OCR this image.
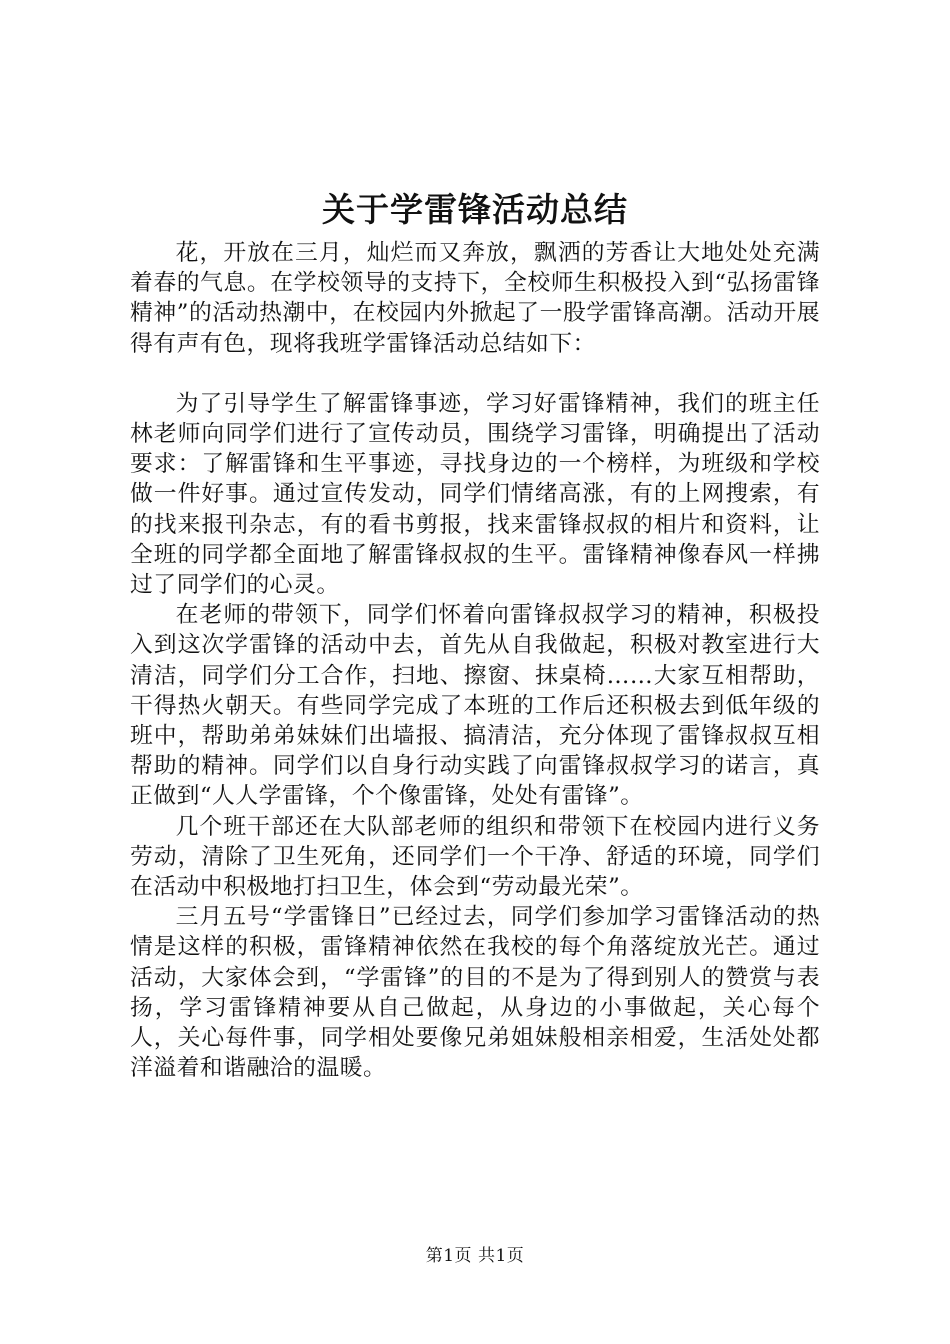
关于学雷锋活动总结

花，开放在三月，灿烂而又奔放，飘洒的芳香让大地处处充满着春的气息。在学校领导的支持下，全校师生积极投入到“弘扬雷锋精神”的活动热潮中，在校园内外掀起了一股学雷锋高潮。活动开展得有声有色，现将我班学雷锋活动总结如下：

为了引导学生了解雷锋事迹，学习好雷锋精神，我们的班主任林老师向同学们进行了宣传动员，围绕学习雷锋，明确提出了活动要求：了解雷锋和生平事迹，寻找身边的一个榜样，为班级和学校做一件好事。通过宣传发动，同学们情绪高涨，有的上网搜索，有的找来报刊杂志，有的看书剪报，找来雷锋叔叔的相片和资料，让全班的同学都全面地了解雷锋叔叔的生平。雷锋精神像春风一样拂过了同学们的心灵。

在老师的带领下，同学们怀着向雷锋叔叔学习的精神，积极投入到这次学雷锋的活动中去，首先从自我做起，积极对教室进行大清洁，同学们分工合作，扫地、擦窗、抹桌椅……大家互相帮助，干得热火朝天。有些同学完成了本班的工作后还积极去到低年级的班中，帮助弟弟妹妹们出墙报、搞清洁，充分体现了雷锋叔叔互相帮助的精神。同学们以自身行动实践了向雷锋叔叔学习的诺言，真正做到“人人学雷锋，个个像雷锋，处处有雷锋”。

几个班干部还在大队部老师的组织和带领下在校园内进行义务劳动，清除了卫生死角，还同学们一个干净、舒适的环境，同学们在活动中积极地打扫卫生，体会到“劳动最光荣”。

三月五号“学雷锋日”已经过去，同学们参加学习雷锋活动的热情是这样的积极，雷锋精神依然在我校的每个角落绽放光芒。通过活动，大家体会到，“学雷锋”的目的不是为了得到别人的赞赏与表扬，学习雷锋精神要从自己做起，从身边的小事做起，关心每个人，关心每件事，同学相处要像兄弟姐妹般相亲相爱，生活处处都洋溢着和谐融洽的温暖。

第1页 共1页
